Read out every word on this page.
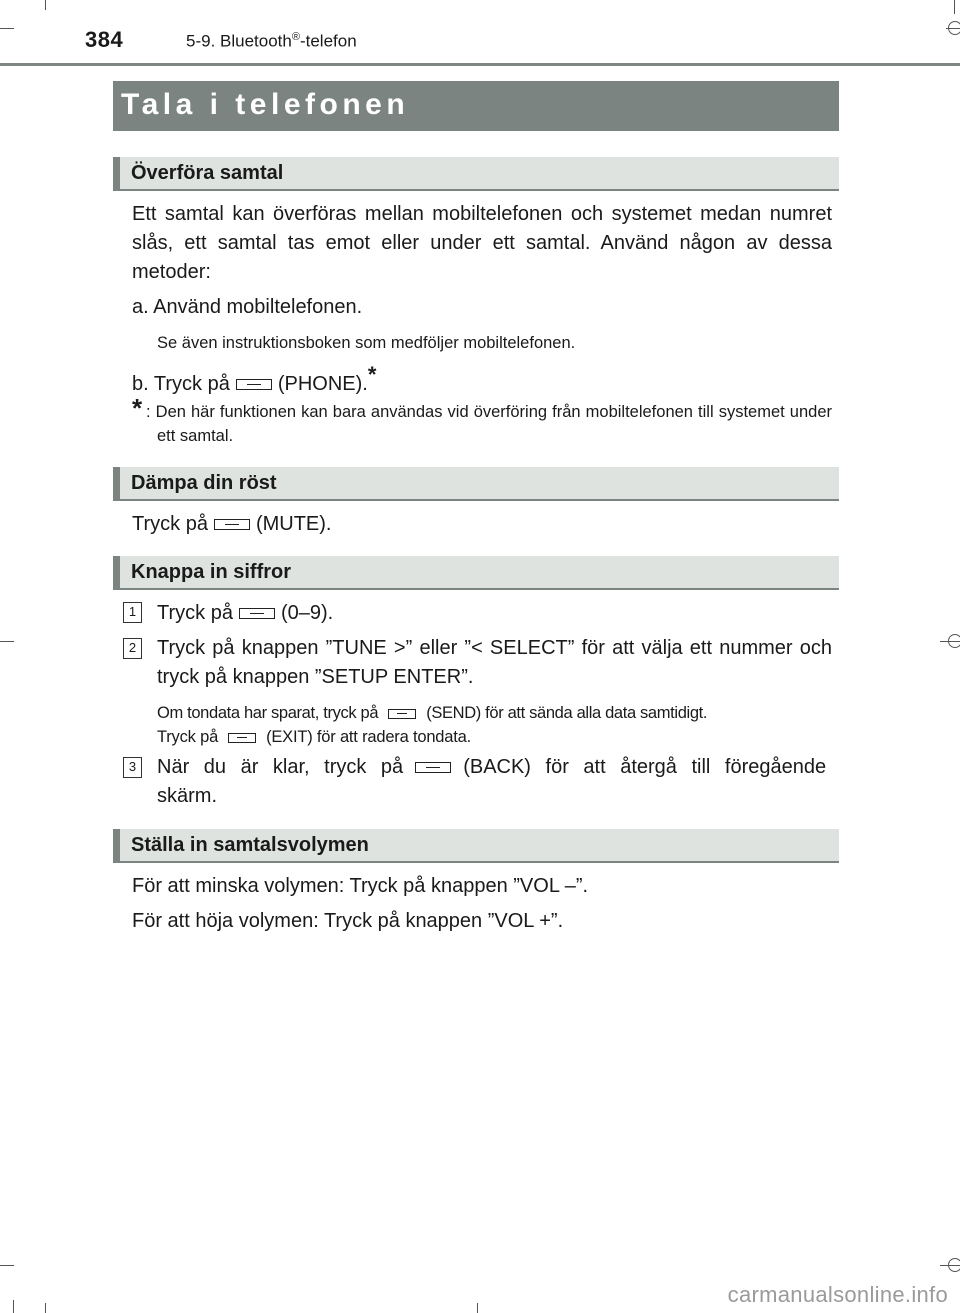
384	5-9. Bluetooth®-telefon
Tala i telefonen
Överföra samtal
Ett samtal kan överföras mellan mobiltelefonen och systemet medan numret slås, ett samtal tas emot eller under ett samtal. Använd någon av dessa metoder:
a. Använd mobiltelefonen.
Se även instruktionsboken som medföljer mobiltelefonen.
b. Tryck på (PHONE).*
* : Den här funktionen kan bara användas vid överföring från mobiltelefonen till systemet under ett samtal.
Dämpa din röst
Tryck på (MUTE).
Knappa in siffror
1 Tryck på (0–9).
2 Tryck på knappen ”TUNE >” eller ”< SELECT” för att välja ett nummer och tryck på knappen ”SETUP ENTER”.
Om tondata har sparat, tryck på	(SEND) för att sända alla data samtidigt.
Tryck på	(EXIT) för att radera tondata.
3 När du är klar, tryck på	(BACK) för att återgå till föregående skärm.
Ställa in samtalsvolymen
För att minska volymen: Tryck på knappen ”VOL –”.
För att höja volymen: Tryck på knappen ”VOL +”.
carmanualsonline.info
